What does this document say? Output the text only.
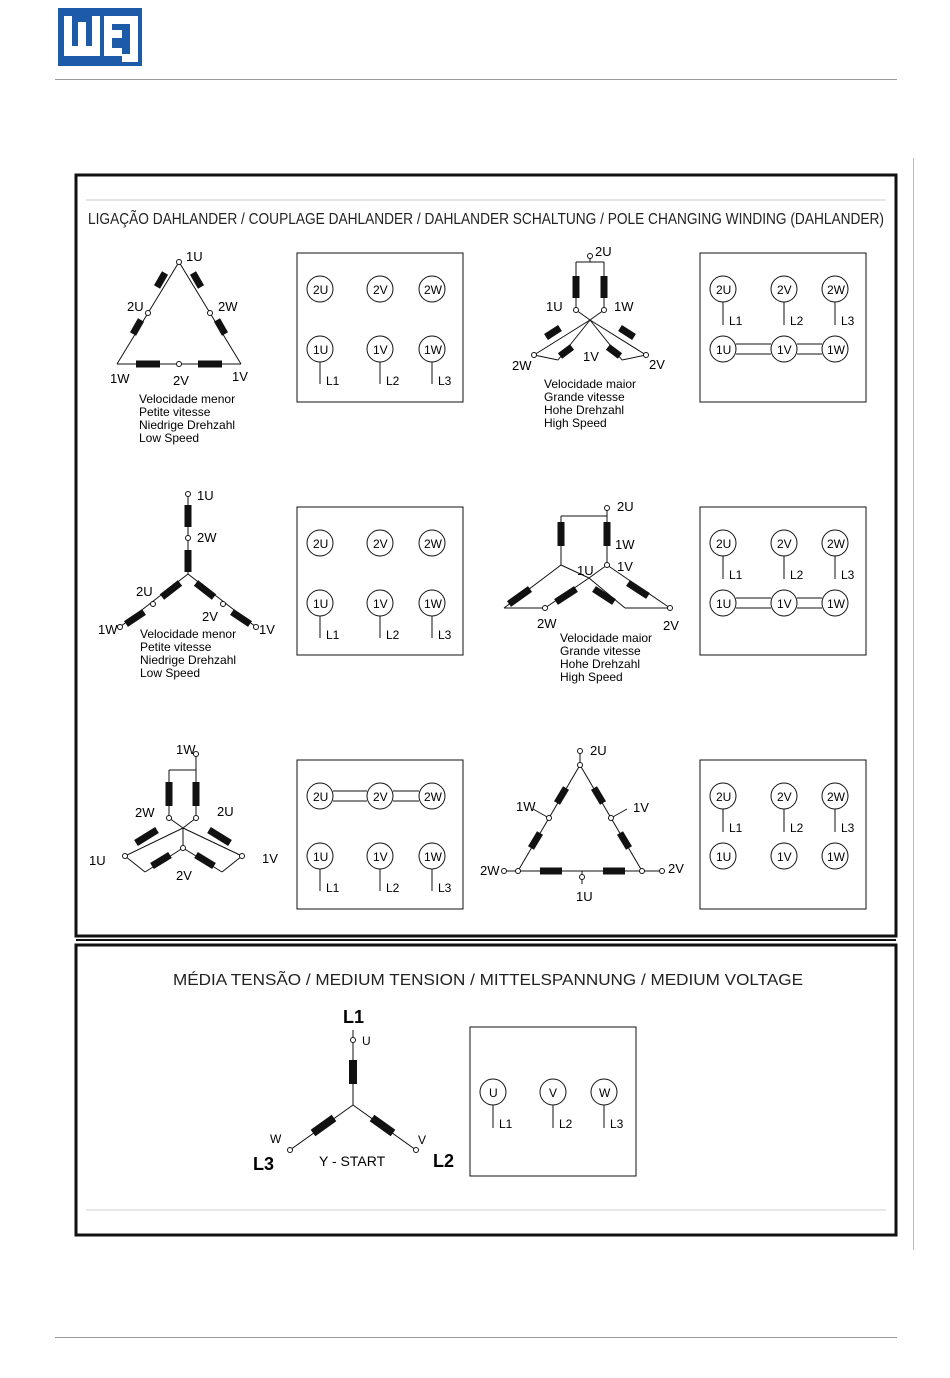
LIGAÇÃO DAHLANDER / COUPLAGE DAHLANDER / DAHLANDER SCHALTUNG / POLE CHANGING WINDING (DAHLANDER)
MÉDIA TENSÃO / MEDIUM TENSION / MITTELSPANNUNG / MEDIUM VOLTAGE
1U
2U	2W
1W	2V	1V
Velocidade menor
Petite vitesse
Niedrige Drehzahl
Low Speed
2U	2V	2W
1U	1V	1W
L1	L2	L3
2U
1U	1W
1V
2W	2V
Velocidade maior
Grande vitesse
Hohe Drehzahl
High Speed
2U	2V	2W
L1	L2	L3
1U	1V	1W
1U
2W
2U
2V
1W	1V
Velocidade menor
Petite vitesse
Niedrige Drehzahl
Low Speed
2U	2V	2W
1U	1V	1W
L1	L2	L3
2U
1W
1U 1V
2W	2V
Velocidade maior
Grande vitesse
Hohe Drehzahl
High Speed
2U	2V	2W
L1	L2	L3
1U	1V	1W
1W
2W	2U
1U	1V
2V
2U	2V	2W
1U	1V	1W
L1	L2	L3
2U
1W	1V
2W	2V
1U
2U	2V	2W
L1	L2	L3
1U	1V	1W
L1
U
W	V
L3	L2
Y - START
U	V	W
L1	L2	L3
